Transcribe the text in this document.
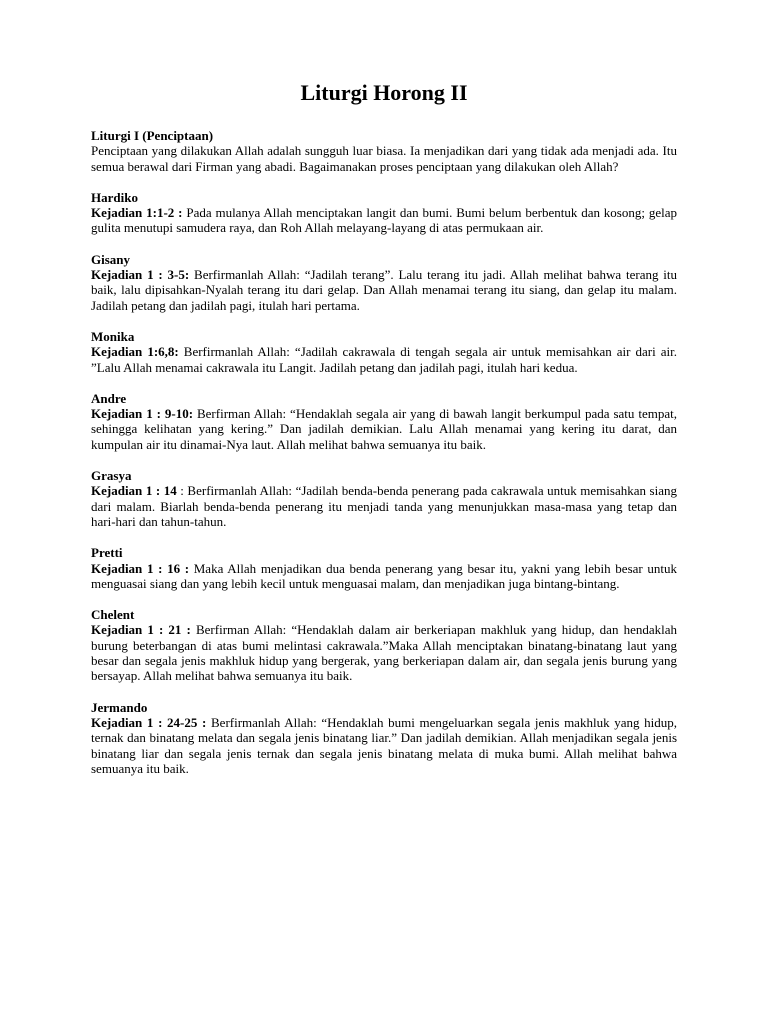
Liturgi Horong II
Liturgi I (Penciptaan)

Penciptaan yang dilakukan Allah adalah sungguh luar biasa. Ia menjadikan dari yang tidak ada menjadi ada. Itu semua berawal dari Firman yang abadi. Bagaimanakan proses penciptaan yang dilakukan oleh Allah?

Hardiko

Kejadian 1:1-2 : Pada mulanya Allah menciptakan langit dan bumi. Bumi belum berbentuk dan kosong; gelap gulita menutupi samudera raya, dan Roh Allah melayang-layang di atas permukaan air.

Gisany

Kejadian 1 : 3-5: Berfirmanlah Allah: “Jadilah terang”. Lalu terang itu jadi. Allah melihat bahwa terang itu baik, lalu dipisahkan-Nyalah terang itu dari gelap. Dan Allah menamai terang itu siang, dan gelap itu malam. Jadilah petang dan jadilah pagi, itulah hari pertama.

Monika

Kejadian 1:6,8: Berfirmanlah Allah: “Jadilah cakrawala di tengah segala air untuk memisahkan air dari air. ”Lalu Allah menamai cakrawala itu Langit. Jadilah petang dan jadilah pagi, itulah hari kedua.

Andre

Kejadian 1 : 9-10: Berfirman Allah: “Hendaklah segala air yang di bawah langit berkumpul pada satu tempat, sehingga kelihatan yang kering.” Dan jadilah demikian. Lalu Allah menamai yang kering itu darat, dan kumpulan air itu dinamai-Nya laut. Allah melihat bahwa semuanya itu baik.

Grasya

Kejadian 1 : 14 : Berfirmanlah Allah: “Jadilah benda-benda penerang pada cakrawala untuk memisahkan siang dari malam. Biarlah benda-benda penerang itu menjadi tanda yang menunjukkan masa-masa yang tetap dan hari-hari dan tahun-tahun.

Pretti

Kejadian 1 : 16 : Maka Allah menjadikan dua benda penerang yang besar itu, yakni yang lebih besar untuk menguasai siang dan yang lebih kecil untuk menguasai malam, dan menjadikan juga bintang-bintang.

Chelent

Kejadian 1 : 21 : Berfirman Allah: “Hendaklah dalam air berkeriapan makhluk yang hidup, dan hendaklah burung beterbangan di atas bumi melintasi cakrawala.”Maka Allah menciptakan binatang-binatang laut yang besar dan segala jenis makhluk hidup yang bergerak, yang berkeriapan dalam air, dan segala jenis burung yang bersayap. Allah melihat bahwa semuanya itu baik.

Jermando

Kejadian 1 : 24-25 : Berfirmanlah Allah: “Hendaklah bumi mengeluarkan segala jenis makhluk yang hidup, ternak dan binatang melata dan segala jenis binatang liar.” Dan jadilah demikian. Allah menjadikan segala jenis binatang liar dan segala jenis ternak dan segala jenis binatang melata di muka bumi. Allah melihat bahwa semuanya itu baik.
